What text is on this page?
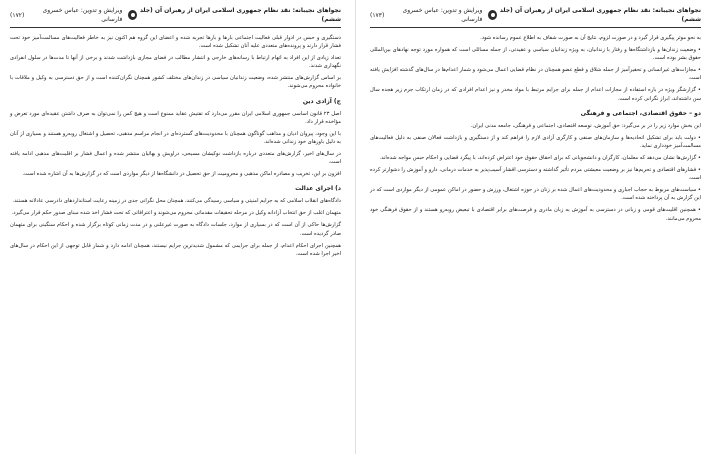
نجواهای نجیبانه: نقد نظام جمهوری اسلامی ایران از رهبران آن (جلد ششم)
ویرایش و تدوین: عباس خسروی فارسانی
(۱۷۲)

دستگیری و حبس در ادوار قبلی فعالیت اجتماعی بارها و بارها تجربه شده و اعضای این گروه هم اکنون نیز به خاطر فعالیت‌های مسالمت‌آمیز خود تحت فشار قرار دارند و پرونده‌های متعددی علیه آنان تشکیل شده است.

تعداد زیادی از این افراد به اتهام ارتباط با رسانه‌های خارجی و انتشار مطالب در فضای مجازی بازداشت شدند و برخی از آنها تا مدت‌ها در سلول انفرادی نگهداری شدند.

بر اساس گزارش‌های منتشر شده، وضعیت زندانیان سیاسی در زندان‌های مختلف کشور همچنان نگران‌کننده است و از حق دسترسی به وکیل و ملاقات با خانواده محروم می‌شوند.

ج) آزادی دین

اصل ۲۳ قانون اساسی جمهوری اسلامی ایران مقرر می‌دارد که تفتیش عقاید ممنوع است و هیچ کس را نمی‌توان به صرف داشتن عقیده‌ای مورد تعرض و مؤاخذه قرار داد.

با این وجود، پیروان ادیان و مذاهب گوناگون همچنان با محدودیت‌های گسترده‌ای در انجام مراسم مذهبی، تحصیل و اشتغال روبه‌رو هستند و بسیاری از آنان به دلیل باورهای خود زندانی شده‌اند.

در سال‌های اخیر، گزارش‌های متعددی درباره بازداشت نوکیشان مسیحی، دراویش و بهائیان منتشر شده و اعمال فشار بر اقلیت‌های مذهبی ادامه یافته است.

افزون بر این، تخریب و مصادره اماکن مذهبی و محرومیت از حق تحصیل در دانشگاه‌ها از دیگر مواردی است که در گزارش‌ها به آن اشاره شده است.

د) اجرای عدالت

دادگاه‌های انقلاب اسلامی که به جرایم امنیتی و سیاسی رسیدگی می‌کنند، همچنان محل نگرانی جدی در زمینه رعایت استانداردهای دادرسی عادلانه هستند.

متهمان اغلب از حق انتخاب آزادانه وکیل در مرحله تحقیقات مقدماتی محروم می‌شوند و اعترافاتی که تحت فشار اخذ شده مبنای صدور حکم قرار می‌گیرد.

گزارش‌ها حاکی از آن است که در بسیاری از موارد، جلسات دادگاه به صورت غیرعلنی و در مدت زمانی کوتاه برگزار شده و احکام سنگینی برای متهمان صادر گردیده است.

همچنین اجرای احکام اعدام، از جمله برای جرایمی که مشمول شدیدترین جرایم نیستند، همچنان ادامه دارد و شمار قابل توجهی از این احکام در سال‌های اخیر اجرا شده است.

نجواهای نجیبانه: نقد نظام جمهوری اسلامی ایران از رهبران آن (جلد ششم)
ویرایش و تدوین: عباس خسروی فارسانی
(۱۷۳)

به نحو موثر پیگیری قرار گیرد و در صورت لزوم، نتایج آن به صورت شفاف به اطلاع عموم رسانده شود.

• وضعیت زندان‌ها و بازداشتگاه‌ها و رفتار با زندانیان، به ویژه زندانیان سیاسی و عقیدتی، از جمله مسائلی است که همواره مورد توجه نهادهای بین‌المللی حقوق بشر بوده است.

• مجازات‌های غیرانسانی و تحقیرآمیز از جمله شلاق و قطع عضو همچنان در نظام قضایی اعمال می‌شود و شمار اعدام‌ها در سال‌های گذشته افزایش یافته است.

• گزارشگر ویژه در باره استفاده از مجازات اعدام از جمله برای جرایم مرتبط با مواد مخدر و نیز اعدام افرادی که در زمان ارتکاب جرم زیر هجده سال سن داشته‌اند، ابراز نگرانی کرده است.

دو – حقوق اقتصادی، اجتماعی و فرهنگی

این بخش موارد زیر را در بر می‌گیرد: حق آموزش، توسعه اقتصادی، اجتماعی و فرهنگی، جامعه مدنی ایران.

• دولت باید برای تشکیل اتحادیه‌ها و سازمان‌های صنفی و کارگری آزادی لازم را فراهم کند و از دستگیری و بازداشت فعالان صنفی به دلیل فعالیت‌های مسالمت‌آمیز خودداری نماید.

• گزارش‌ها نشان می‌دهد که معلمان، کارگران و دانشجویانی که برای احقاق حقوق خود اعتراض کرده‌اند، با پیگرد قضایی و احکام حبس مواجه شده‌اند.

• فشارهای اقتصادی و تحریم‌ها نیز بر وضعیت معیشتی مردم تأثیر گذاشته و دسترسی اقشار آسیب‌پذیر به خدمات درمانی، دارو و آموزش را دشوارتر کرده است.

• سیاست‌های مربوط به حجاب اجباری و محدودیت‌های اعمال شده بر زنان در حوزه اشتغال، ورزش و حضور در اماکن عمومی از دیگر مواردی است که در این گزارش به آن پرداخته شده است.

• همچنین اقلیت‌های قومی و زبانی در دسترسی به آموزش به زبان مادری و فرصت‌های برابر اقتصادی با تبعیض روبه‌رو هستند و از حقوق فرهنگی خود محروم می‌مانند.
